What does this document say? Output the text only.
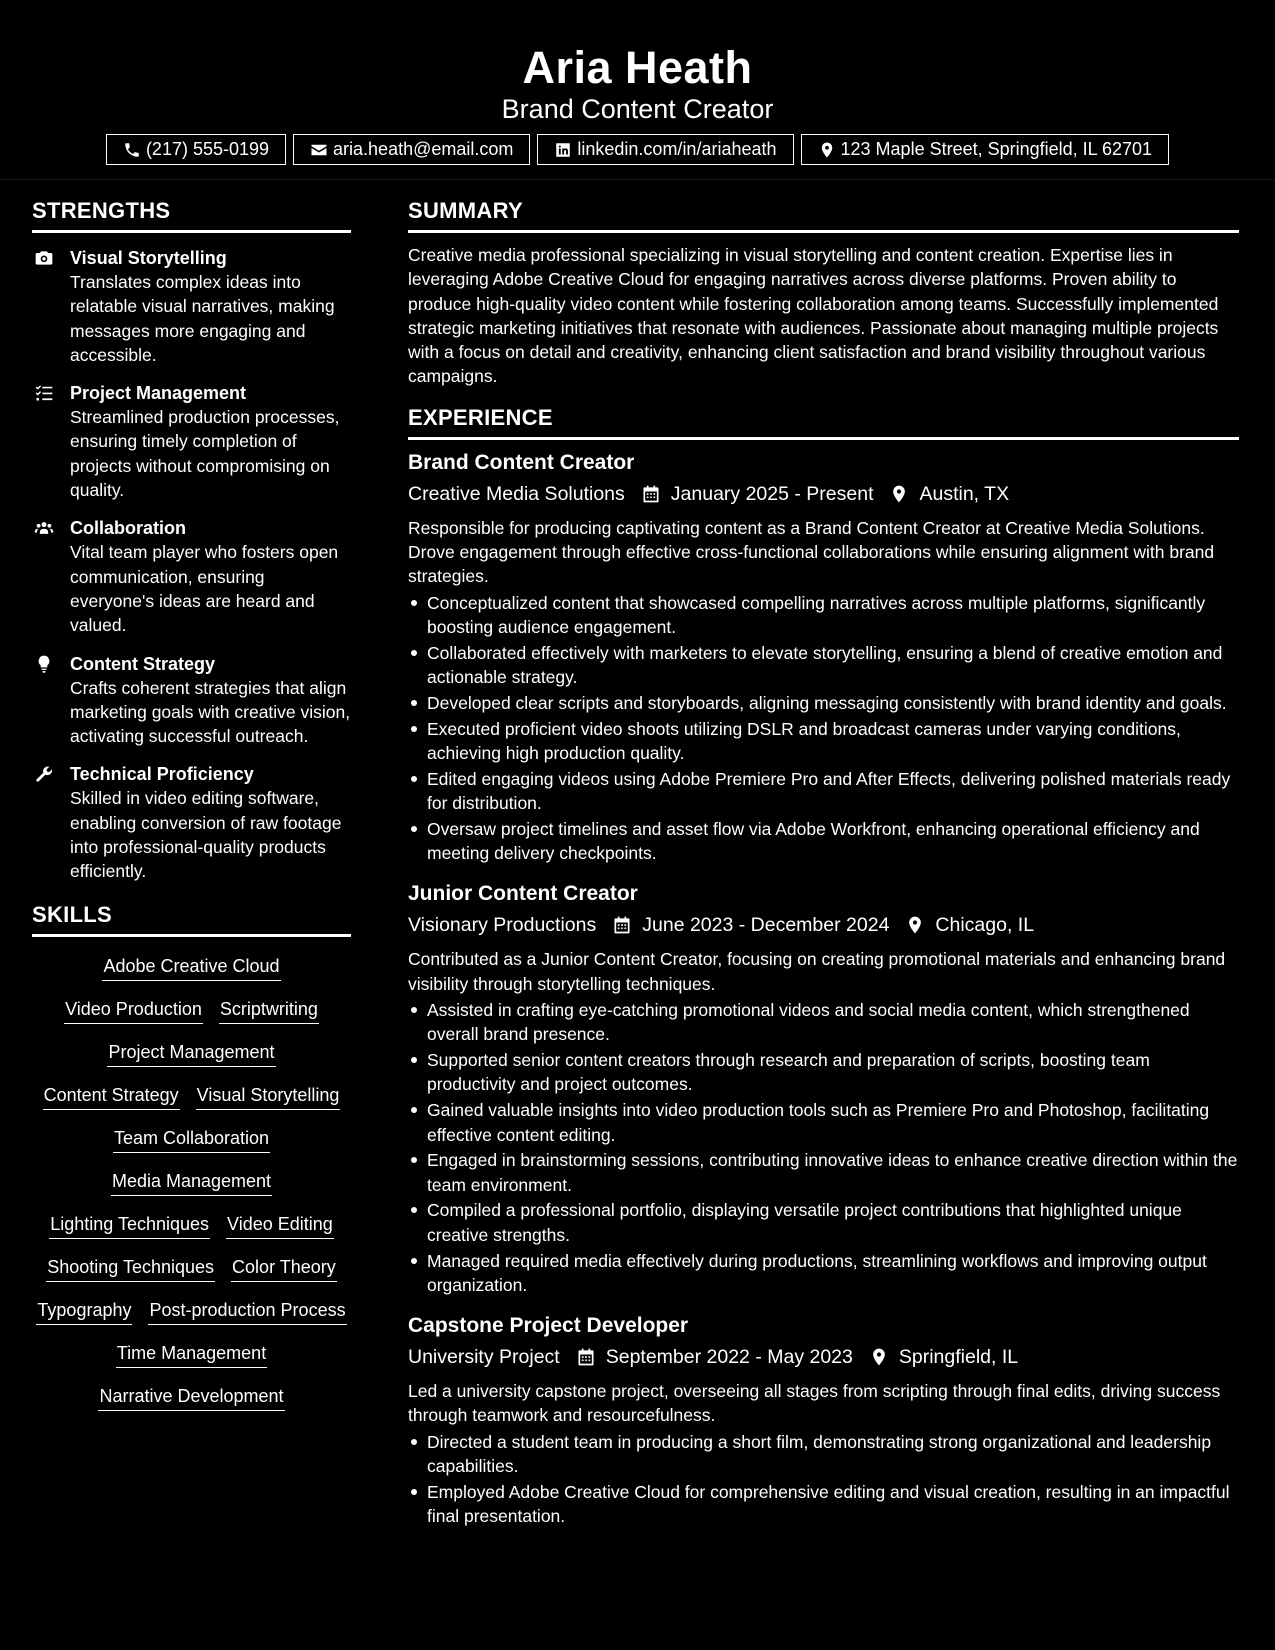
Aria Heath
Brand Content Creator
(217) 555-0199	aria.heath@email.com	linkedin.com/in/ariaheath	123 Maple Street, Springfield, IL 62701
STRENGTHS
Visual Storytelling
Translates complex ideas into relatable visual narratives, making messages more engaging and accessible.
Project Management
Streamlined production processes, ensuring timely completion of projects without compromising on quality.
Collaboration
Vital team player who fosters open communication, ensuring everyone's ideas are heard and valued.
Content Strategy
Crafts coherent strategies that align marketing goals with creative vision, activating successful outreach.
Technical Proficiency
Skilled in video editing software, enabling conversion of raw footage into professional-quality products efficiently.
SKILLS
Adobe Creative Cloud
Video Production Scriptwriting
Project Management
Content Strategy Visual Storytelling
Team Collaboration
Media Management
Lighting Techniques Video Editing
Shooting Techniques Color Theory
Typography Post-production Process
Time Management
Narrative Development
SUMMARY
Creative media professional specializing in visual storytelling and content creation. Expertise lies in leveraging Adobe Creative Cloud for engaging narratives across diverse platforms. Proven ability to produce high-quality video content while fostering collaboration among teams. Successfully implemented strategic marketing initiatives that resonate with audiences. Passionate about managing multiple projects with a focus on detail and creativity, enhancing client satisfaction and brand visibility throughout various campaigns.
EXPERIENCE
Brand Content Creator
Creative Media Solutions January 2025 - Present Austin, TX
Responsible for producing captivating content as a Brand Content Creator at Creative Media Solutions. Drove engagement through effective cross-functional collaborations while ensuring alignment with brand strategies.
Conceptualized content that showcased compelling narratives across multiple platforms, significantly boosting audience engagement.
Collaborated effectively with marketers to elevate storytelling, ensuring a blend of creative emotion and actionable strategy.
Developed clear scripts and storyboards, aligning messaging consistently with brand identity and goals.
Executed proficient video shoots utilizing DSLR and broadcast cameras under varying conditions, achieving high production quality.
Edited engaging videos using Adobe Premiere Pro and After Effects, delivering polished materials ready for distribution.
Oversaw project timelines and asset flow via Adobe Workfront, enhancing operational efficiency and meeting delivery checkpoints.
Junior Content Creator
Visionary Productions June 2023 - December 2024 Chicago, IL
Contributed as a Junior Content Creator, focusing on creating promotional materials and enhancing brand visibility through storytelling techniques.
Assisted in crafting eye-catching promotional videos and social media content, which strengthened overall brand presence.
Supported senior content creators through research and preparation of scripts, boosting team productivity and project outcomes.
Gained valuable insights into video production tools such as Premiere Pro and Photoshop, facilitating effective content editing.
Engaged in brainstorming sessions, contributing innovative ideas to enhance creative direction within the team environment.
Compiled a professional portfolio, displaying versatile project contributions that highlighted unique creative strengths.
Managed required media effectively during productions, streamlining workflows and improving output organization.
Capstone Project Developer
University Project September 2022 - May 2023 Springfield, IL
Led a university capstone project, overseeing all stages from scripting through final edits, driving success through teamwork and resourcefulness.
Directed a student team in producing a short film, demonstrating strong organizational and leadership capabilities.
Employed Adobe Creative Cloud for comprehensive editing and visual creation, resulting in an impactful final presentation.
